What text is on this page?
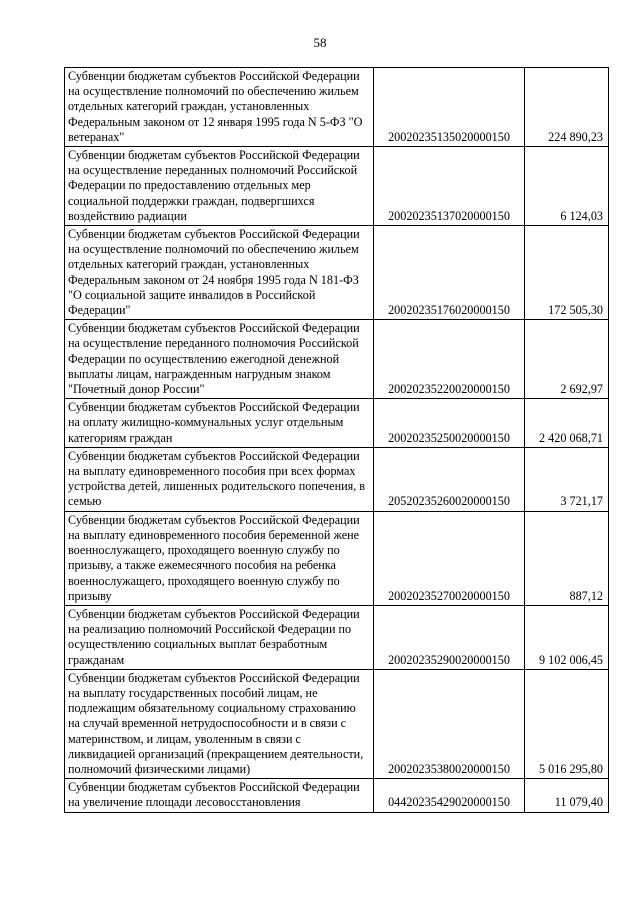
58
Субвенции бюджетам субъектов Российской Федерации на осуществление полномочий по обеспечению жильем отдельных категорий граждан, установленных Федеральным законом от 12 января 1995 года N 5-ФЗ "О ветеранах"	20020235135020000150	224 890,23
Субвенции бюджетам субъектов Российской Федерации на осуществление переданных полномочий Российской Федерации по предоставлению отдельных мер социальной поддержки граждан, подвергшихся воздействию радиации	20020235137020000150	6 124,03
Субвенции бюджетам субъектов Российской Федерации на осуществление полномочий по обеспечению жильем отдельных категорий граждан, установленных Федеральным законом от 24 ноября 1995 года N 181-ФЗ "О социальной защите инвалидов в Российской Федерации"	20020235176020000150	172 505,30
Субвенции бюджетам субъектов Российской Федерации на осуществление переданного полномочия Российской Федерации по осуществлению ежегодной денежной выплаты лицам, награжденным нагрудным знаком "Почетный донор России"	20020235220020000150	2 692,97
Субвенции бюджетам субъектов Российской Федерации на оплату жилищно-коммунальных услуг отдельным категориям граждан	20020235250020000150	2 420 068,71
Субвенции бюджетам субъектов Российской Федерации на выплату единовременного пособия при всех формах устройства детей, лишенных родительского попечения, в семью	20520235260020000150	3 721,17
Субвенции бюджетам субъектов Российской Федерации на выплату единовременного пособия беременной жене военнослужащего, проходящего военную службу по призыву, а также ежемесячного пособия на ребенка военнослужащего, проходящего военную службу по призыву	20020235270020000150	887,12
Субвенции бюджетам субъектов Российской Федерации на реализацию полномочий Российской Федерации по осуществлению социальных выплат безработным гражданам	20020235290020000150	9 102 006,45
Субвенции бюджетам субъектов Российской Федерации на выплату государственных пособий лицам, не подлежащим обязательному социальному страхованию на случай временной нетрудоспособности и в связи с материнством, и лицам, уволенным в связи с ликвидацией организаций (прекращением деятельности, полномочий физическими лицами)	20020235380020000150	5 016 295,80
Субвенции бюджетам субъектов Российской Федерации на увеличение площади лесовосстановления	04420235429020000150	11 079,40
